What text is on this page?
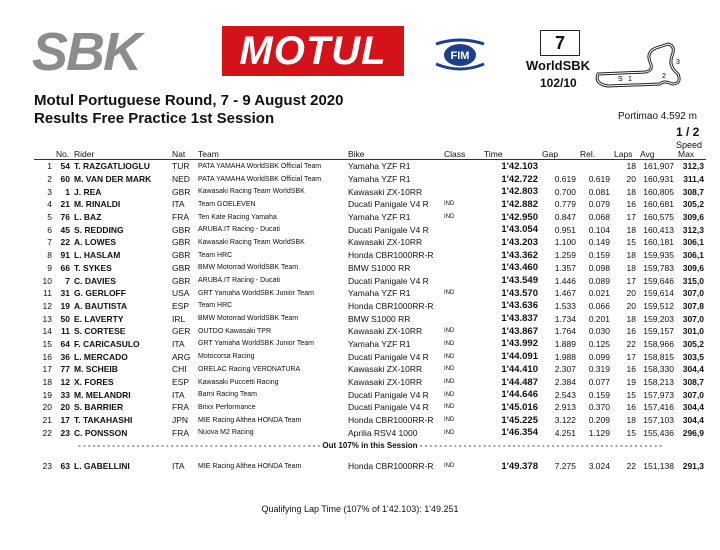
SBK	MOTUL	FIM
7
WorldSBK
102/10	S 1	2
3
Motul Portuguese Round, 7 - 9 August 2020
Results Free Practice 1st Session	Portimao 4.592 m
1 / 2
Speed
	No.	Rider	Nat	Team	Bike	Class	Time	Gap	Rel.	Laps	Avg	Max
1	54	T. RAZGATLIOGLU	TUR	PATA YAMAHA WorldSBK Official Team	Yamaha YZF R1		1'42.103			18	161,907	312,3
2	60	M. VAN DER MARK	NED	PATA YAMAHA WorldSBK Official Team	Yamaha YZF R1		1'42.722	0.619	0.619	20	160,931	311,4
3	1	J. REA	GBR	Kawasaki Racing Team WorldSBK	Kawasaki ZX-10RR		1'42.803	0.700	0.081	18	160,805	308,7
4	21	M. RINALDI	ITA	Team GOELEVEN	Ducati Panigale V4 R	IND	1'42.882	0.779	0.079	16	160,681	305,2
5	76	L. BAZ	FRA	Ten Kate Racing Yamaha	Yamaha YZF R1	IND	1'42.950	0.847	0.068	17	160,575	309,6
6	45	S. REDDING	GBR	ARUBA.IT Racing - Ducati	Ducati Panigale V4 R		1'43.054	0.951	0.104	18	160,413	312,3
7	22	A. LOWES	GBR	Kawasaki Racing Team WorldSBK	Kawasaki ZX-10RR		1'43.203	1.100	0.149	15	160,181	306,1
8	91	L. HASLAM	GBR	Team HRC	Honda CBR1000RR-R		1'43.362	1.259	0.159	18	159,935	306,1
9	66	T. SYKES	GBR	BMW Motorrad WorldSBK Team	BMW S1000 RR		1'43.460	1.357	0.098	18	159,783	309,6
10	7	C. DAVIES	GBR	ARUBA.IT Racing - Ducati	Ducati Panigale V4 R		1'43.549	1.446	0.089	17	159,646	315,0
11	31	G. GERLOFF	USA	GRT Yamaha WorldSBK Junior Team	Yamaha YZF R1	IND	1'43.570	1.467	0.021	20	159,614	307,0
12	19	A. BAUTISTA	ESP	Team HRC	Honda CBR1000RR-R		1'43.636	1.533	0.066	20	159,512	307,8
13	50	E. LAVERTY	IRL	BMW Motorrad WorldSBK Team	BMW S1000 RR		1'43.837	1.734	0.201	18	159,203	307,0
14	11	S. CORTESE	GER	OUTDO Kawasaki TPR	Kawasaki ZX-10RR	IND	1'43.867	1.764	0.030	16	159,157	301,0
15	64	F. CARICASULO	ITA	GRT Yamaha WorldSBK Junior Team	Yamaha YZF R1	IND	1'43.992	1.889	0.125	22	158,966	305,2
16	36	L. MERCADO	ARG	Motocorsa Racing	Ducati Panigale V4 R	IND	1'44.091	1.988	0.099	17	158,815	303,5
17	77	M. SCHEIB	CHI	ORELAC Racing VERDNATURA	Kawasaki ZX-10RR	IND	1'44.410	2.307	0.319	16	158,330	304,4
18	12	X. FORES	ESP	Kawasaki Puccetti Racing	Kawasaki ZX-10RR	IND	1'44.487	2.384	0.077	19	158,213	308,7
19	33	M. MELANDRI	ITA	Barni Racing Team	Ducati Panigale V4 R	IND	1'44.646	2.543	0.159	15	157,973	307,0
20	20	S. BARRIER	FRA	Brixx Performance	Ducati Panigale V4 R	IND	1'45.016	2.913	0.370	16	157,416	304,4
21	17	T. TAKAHASHI	JPN	MIE Racing Althea HONDA Team	Honda CBR1000RR-R	IND	1'45.225	3.122	0.209	18	157,103	304,4
22	23	C. PONSSON	FRA	Nuova M2 Racing	Aprilia RSV4 1000	IND	1'46.354	4.251	1.129	15	155,436	296,9
- - - - - - - - - - - - - - - - - - - - - - - - - - - - - - - - - - - - - - - - - - - - - - - - - - Out 107% in this Session - - - - - - - - - - - - - - - - - - - - - - - - - - - - - - - - - - - - - - - - - - - - - - - - - -												

23	63	L. GABELLINI	ITA	MIE Racing Althea HONDA Team	Honda CBR1000RR-R	IND	1'49.378	7.275	3.024	22	151,138	291,3
Qualifying Lap Time (107% of 1'42.103): 1'49.251
